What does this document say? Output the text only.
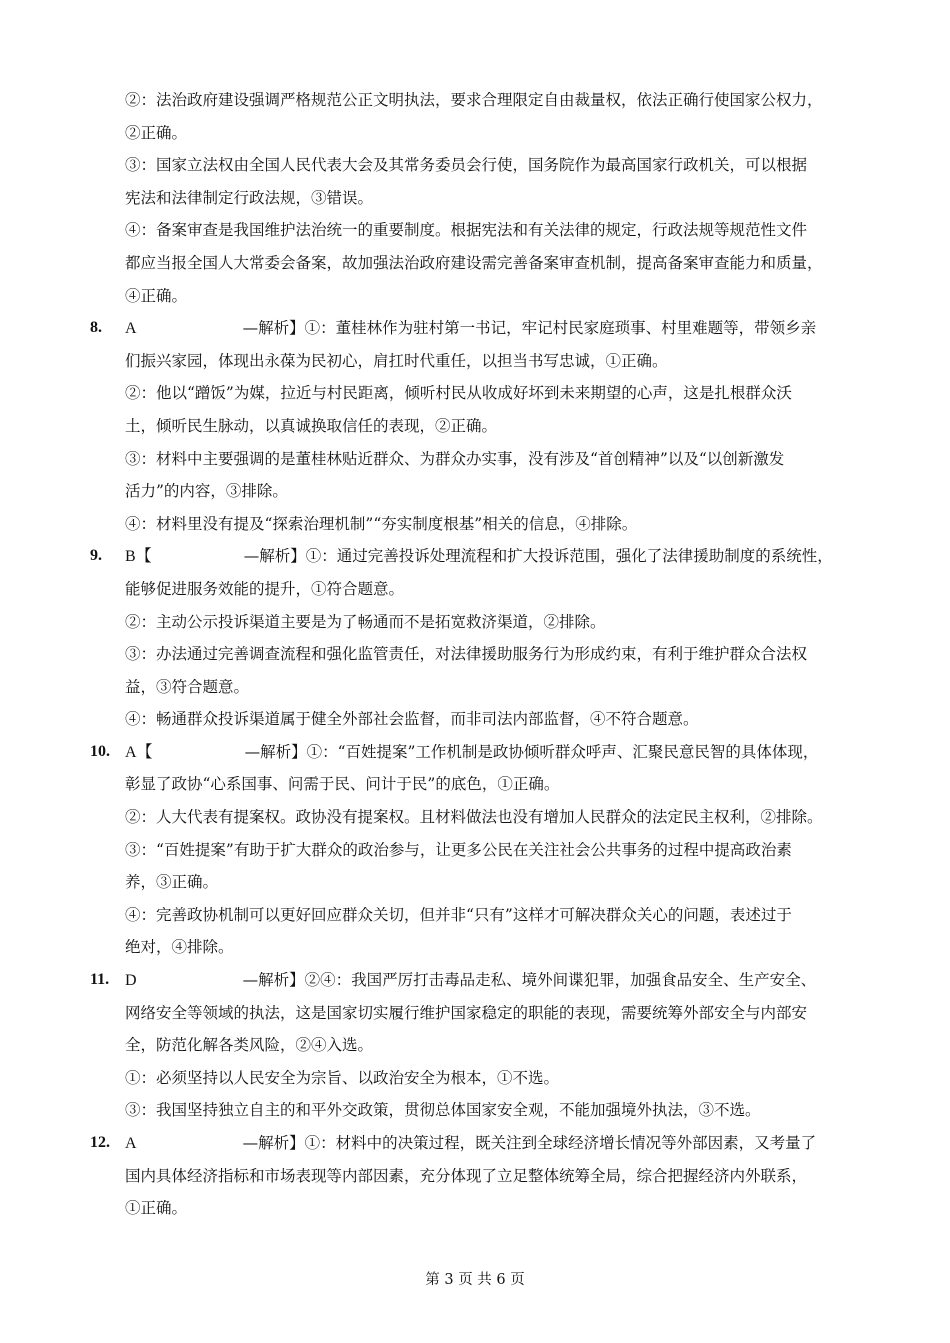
②：法治政府建设强调严格规范公正文明执法，要求合理限定自由裁量权，依法正确行使国家公权力，
②正确。
③：国家立法权由全国人民代表大会及其常务委员会行使，国务院作为最高国家行政机关，可以根据
宪法和法律制定行政法规，③错误。
④：备案审查是我国维护法治统一的重要制度。根据宪法和有关法律的规定，行政法规等规范性文件
都应当报全国人大常委会备案，故加强法治政府建设需完善备案审查机制，提高备案审查能力和质量，
④正确。
8. A	—解析】①：董桂林作为驻村第一书记，牢记村民家庭琐事、村里难题等，带领乡亲
们振兴家园，体现出永葆为民初心，肩扛时代重任，以担当书写忠诚，①正确。
②：他以“蹭饭”为媒，拉近与村民距离，倾听村民从收成好坏到未来期望的心声，这是扎根群众沃
土，倾听民生脉动，以真诚换取信任的表现，②正确。
③：材料中主要强调的是董桂林贴近群众、为群众办实事，没有涉及“首创精神”以及“以创新激发
活力”的内容，③排除。
④：材料里没有提及“探索治理机制”“夯实制度根基”相关的信息，④排除。
9. B【	—解析】①：通过完善投诉处理流程和扩大投诉范围，强化了法律援助制度的系统性，
能够促进服务效能的提升，①符合题意。
②：主动公示投诉渠道主要是为了畅通而不是拓宽救济渠道，②排除。
③：办法通过完善调查流程和强化监管责任，对法律援助服务行为形成约束，有利于维护群众合法权
益，③符合题意。
④：畅通群众投诉渠道属于健全外部社会监督，而非司法内部监督，④不符合题意。
10. A【	—解析】①：“百姓提案”工作机制是政协倾听群众呼声、汇聚民意民智的具体体现，
彰显了政协“心系国事、问需于民、问计于民”的底色，①正确。
②：人大代表有提案权。政协没有提案权。且材料做法也没有增加人民群众的法定民主权利，②排除。
③：“百姓提案”有助于扩大群众的政治参与，让更多公民在关注社会公共事务的过程中提高政治素
养，③正确。
④：完善政协机制可以更好回应群众关切，但并非“只有”这样才可解决群众关心的问题，表述过于
绝对，④排除。
11. D	—解析】②④：我国严厉打击毒品走私、境外间谍犯罪，加强食品安全、生产安全、
网络安全等领域的执法，这是国家切实履行维护国家稳定的职能的表现，需要统筹外部安全与内部安
全，防范化解各类风险，②④入选。
①：必须坚持以人民安全为宗旨、以政治安全为根本，①不选。
③：我国坚持独立自主的和平外交政策，贯彻总体国家安全观，不能加强境外执法，③不选。
12. A	—解析】①：材料中的决策过程，既关注到全球经济增长情况等外部因素，又考量了
国内具体经济指标和市场表现等内部因素，充分体现了立足整体统筹全局，综合把握经济内外联系，
①正确。
第 3 页 共 6 页
